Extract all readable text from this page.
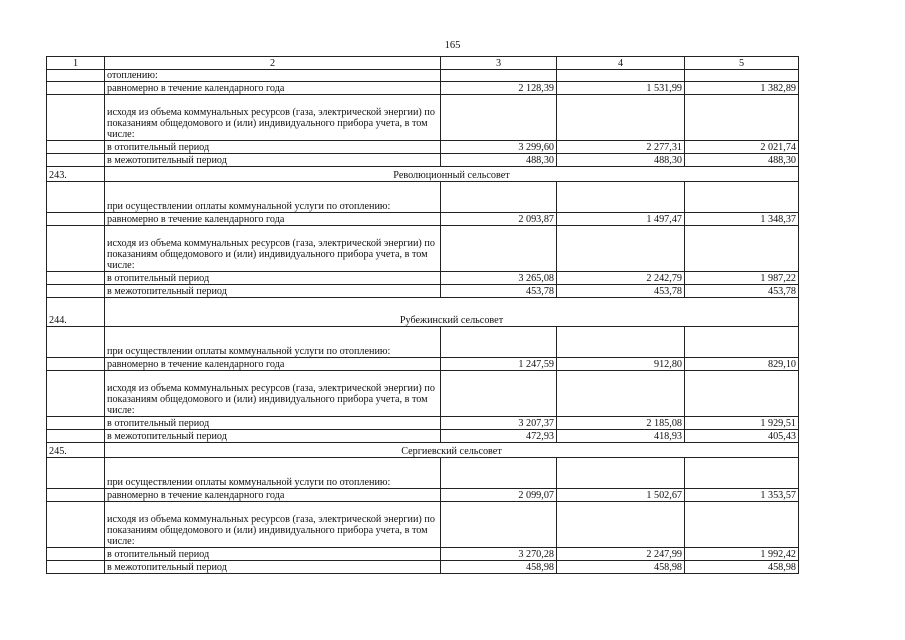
165
1	2	3	4	5
	отоплению:			
	равномерно в течение календарного года	2 128,39	1 531,99	1 382,89
	исходя из объема коммунальных ресурсов (газа, электрической энергии) по показаниям общедомового и (или) индивидуального прибора учета, в том числе:			
	в отопительный период	3 299,60	2 277,31	2 021,74
	в межотопительный период	488,30	488,30	488,30
243.	Революционный сельсовет			
	при осуществлении оплаты коммунальной услуги по отоплению:			
	равномерно в течение календарного года	2 093,87	1 497,47	1 348,37
	исходя из объема коммунальных ресурсов (газа, электрической энергии) по показаниям общедомового и (или) индивидуального прибора учета, в том числе:			
	в отопительный период	3 265,08	2 242,79	1 987,22
	в межотопительный период	453,78	453,78	453,78
244.	Рубежинский сельсовет			
	при осуществлении оплаты коммунальной услуги по отоплению:			
	равномерно в течение календарного года	1 247,59	912,80	829,10
	исходя из объема коммунальных ресурсов (газа, электрической энергии) по показаниям общедомового и (или) индивидуального прибора учета, в том числе:			
	в отопительный период	3 207,37	2 185,08	1 929,51
	в межотопительный период	472,93	418,93	405,43
245.	Сергиевский сельсовет			
	при осуществлении оплаты коммунальной услуги по отоплению:			
	равномерно в течение календарного года	2 099,07	1 502,67	1 353,57
	исходя из объема коммунальных ресурсов (газа, электрической энергии) по показаниям общедомового и (или) индивидуального прибора учета, в том числе:			
	в отопительный период	3 270,28	2 247,99	1 992,42
	в межотопительный период	458,98	458,98	458,98
